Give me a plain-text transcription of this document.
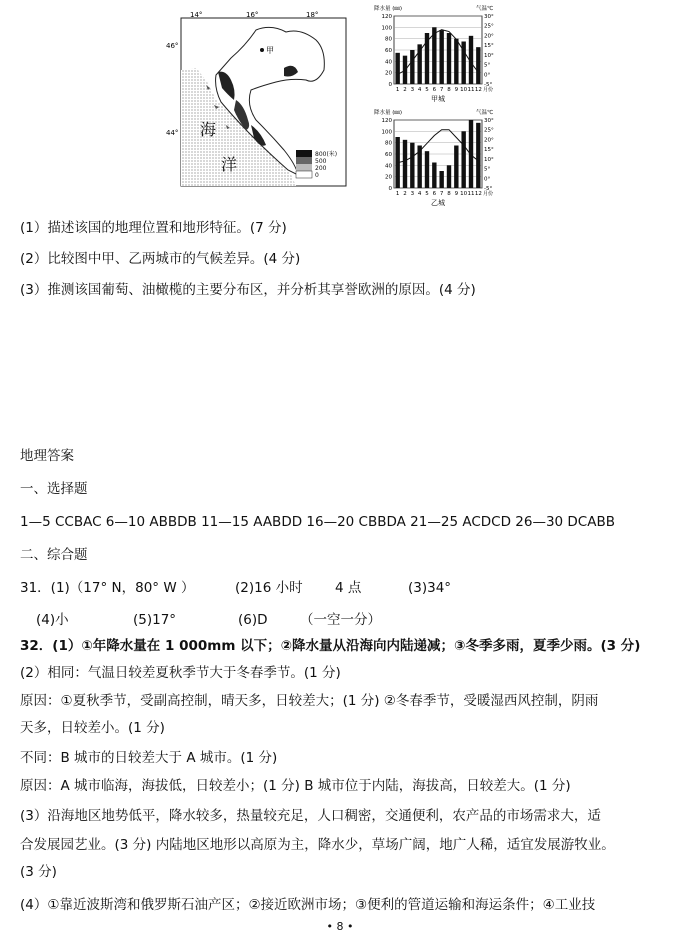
800(米)
500
200
0
14°	16°	18°
46°
44°
甲
海
洋
120
100
80
60
40
20
0
30°
25°
20°
15°
10°
5°
0°
-5°
降水量 (㎜)	气温℃
1 2 3 4 5 6 7 8 9 10 11 12 月份
甲城
120
100
80
60
40
20
0
30°
25°
20°
15°
10°
5°
0°
-5°
降水量 (㎜)	气温℃
1 2 3 4 5 6 7 8 9 10 11 12 月份
乙城
(1）描述该国的地理位置和地形特征。(7 分)
(2）比较图中甲、乙两城市的气候差异。(4 分)
(3）推测该国葡萄、油橄榄的主要分布区，并分析其享誉欧洲的原因。(4 分)
地理答案
一、选择题
1—5 CCBAC 6—10 ABBDB 11—15 AABDD 16—20 CBBDA 21—25 ACDCD 26—30 DCABB
二、综合题
31．(1)（17° N，80° W ）	(2)16 小时 4 点	(3)34°
(4)小	(5)17°	(6)D （一空一分）
32．(1）①年降水量在 1 000mm 以下；②降水量从沿海向内陆递减；③冬季多雨，夏季少雨。(3 分)
(2）相同：气温日较差夏秋季节大于冬春季节。(1 分)
原因：①夏秋季节，受副高控制，晴天多，日较差大；(1 分) ②冬春季节，受暖湿西风控制，阴雨
天多，日较差小。(1 分)
不同：B 城市的日较差大于 A 城市。(1 分)
原因：A 城市临海，海拔低，日较差小；(1 分) B 城市位于内陆，海拔高，日较差大。(1 分)
(3）沿海地区地势低平，降水较多，热量较充足，人口稠密，交通便利，农产品的市场需求大，适
合发展园艺业。(3 分) 内陆地区地形以高原为主，降水少，草场广阔，地广人稀，适宜发展游牧业。
(3 分)
(4）①靠近波斯湾和俄罗斯石油产区；②接近欧洲市场；③便利的管道运输和海运条件；④工业技
• 8 •
